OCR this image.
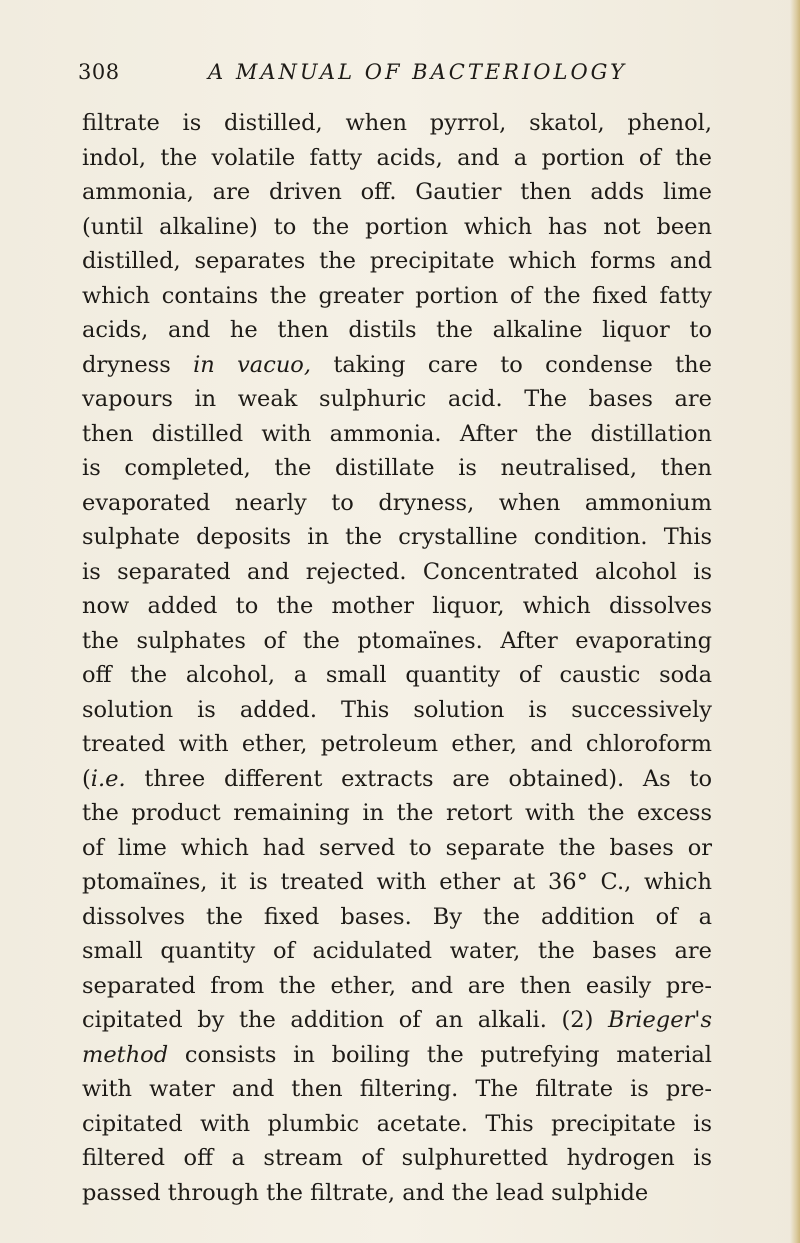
308	A MANUAL OF BACTERIOLOGY
filtrate is distilled, when pyrrol, skatol, phenol,
indol, the volatile fatty acids, and a portion of the
ammonia, are driven off. Gautier then adds lime
(until alkaline) to the portion which has not been
distilled, separates the precipitate which forms and
which contains the greater portion of the fixed fatty
acids, and he then distils the alkaline liquor to
dryness in vacuo, taking care to condense the
vapours in weak sulphuric acid. The bases are
then distilled with ammonia. After the distillation
is completed, the distillate is neutralised, then
evaporated nearly to dryness, when ammonium
sulphate deposits in the crystalline condition. This
is separated and rejected. Concentrated alcohol is
now added to the mother liquor, which dissolves
the sulphates of the ptomaïnes. After evaporating
off the alcohol, a small quantity of caustic soda
solution is added. This solution is successively
treated with ether, petroleum ether, and chloroform
(i.e. three different extracts are obtained). As to
the product remaining in the retort with the excess
of lime which had served to separate the bases or
ptomaïnes, it is treated with ether at 36° C., which
dissolves the fixed bases. By the addition of a
small quantity of acidulated water, the bases are
separated from the ether, and are then easily pre-
cipitated by the addition of an alkali. (2) Brieger's
method consists in boiling the putrefying material
with water and then filtering. The filtrate is pre-
cipitated with plumbic acetate. This precipitate is
filtered off a stream of sulphuretted hydrogen is
passed through the filtrate, and the lead sulphide
